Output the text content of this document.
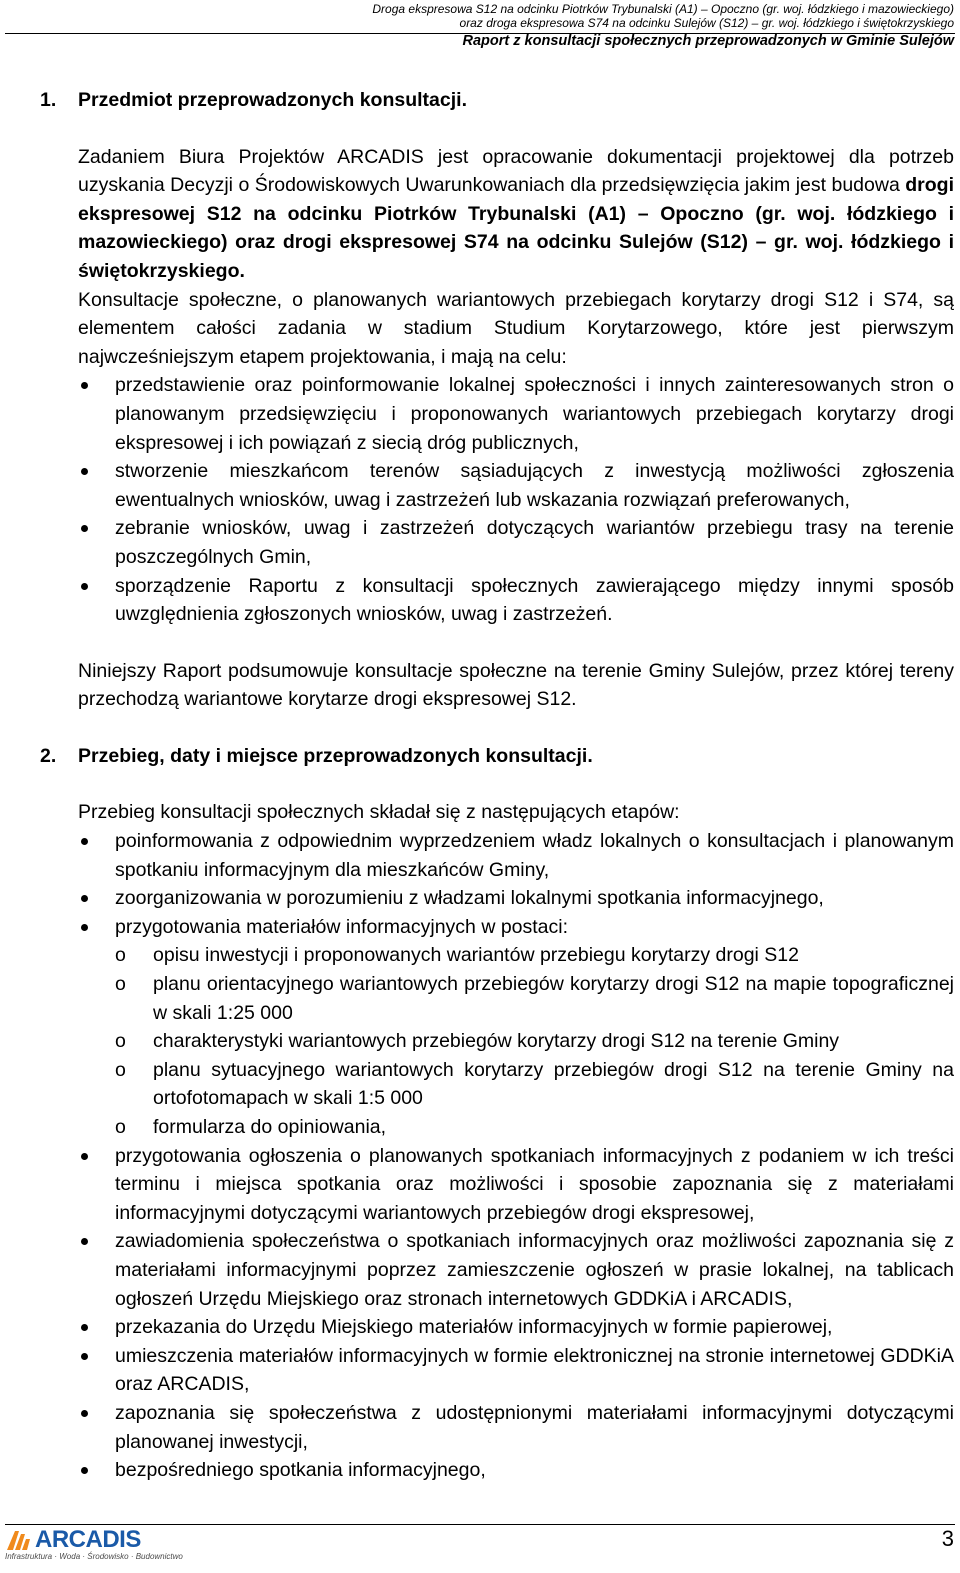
Droga ekspresowa S12 na odcinku Piotrków Trybunalski (A1) – Opoczno (gr. woj. łódzkiego i mazowieckiego)
oraz droga ekspresowa S74 na odcinku Sulejów (S12) – gr. woj. łódzkiego i świętokrzyskiego
Raport z konsultacji społecznych przeprowadzonych w Gminie Sulejów
1.	Przedmiot przeprowadzonych konsultacji.

Zadaniem Biura Projektów ARCADIS jest opracowanie dokumentacji projektowej dla potrzeb uzyskania Decyzji o Środowiskowych Uwarunkowaniach dla przedsięwzięcia jakim jest budowa drogi ekspresowej S12 na odcinku Piotrków Trybunalski (A1) – Opoczno (gr. woj. łódzkiego i mazowieckiego) oraz drogi ekspresowej S74 na odcinku Sulejów (S12) – gr. woj. łódzkiego i świętokrzyskiego.

Konsultacje społeczne, o planowanych wariantowych przebiegach korytarzy drogi S12 i S74, są elementem całości zadania w stadium Studium Korytarzowego, które jest pierwszym najwcześniejszym etapem projektowania, i mają na celu:

przedstawienie oraz poinformowanie lokalnej społeczności i innych zainteresowanych stron o planowanym przedsięwzięciu i proponowanych wariantowych przebiegach korytarzy drogi ekspresowej i ich powiązań z siecią dróg publicznych,
stworzenie mieszkańcom terenów sąsiadujących z inwestycją możliwości zgłoszenia ewentualnych wniosków, uwag i zastrzeżeń lub wskazania rozwiązań preferowanych,
zebranie wniosków, uwag i zastrzeżeń dotyczących wariantów przebiegu trasy na terenie poszczególnych Gmin,
sporządzenie Raportu z konsultacji społecznych zawierającego między innymi sposób uwzględnienia zgłoszonych wniosków, uwag i zastrzeżeń.

Niniejszy Raport podsumowuje konsultacje społeczne na terenie Gminy Sulejów, przez której tereny przechodzą wariantowe korytarze drogi ekspresowej S12.

2.	Przebieg, daty i miejsce przeprowadzonych konsultacji.

Przebieg konsultacji społecznych składał się z następujących etapów:

poinformowania z odpowiednim wyprzedzeniem władz lokalnych o konsultacjach i planowanym spotkaniu informacyjnym dla mieszkańców Gminy,
zoorganizowania w porozumieniu z władzami lokalnymi spotkania informacyjnego,
przygotowania materiałów informacyjnych w postaci:
o opisu inwestycji i proponowanych wariantów przebiegu korytarzy drogi S12
o planu orientacyjnego wariantowych przebiegów korytarzy drogi S12 na mapie topograficznej w skali 1:25 000
o charakterystyki wariantowych przebiegów korytarzy drogi S12 na terenie Gminy
o planu sytuacyjnego wariantowych korytarzy przebiegów drogi S12 na terenie Gminy na ortofotomapach w skali 1:5 000
o formularza do opiniowania,
przygotowania ogłoszenia o planowanych spotkaniach informacyjnych z podaniem w ich treści terminu i miejsca spotkania oraz możliwości i sposobie zapoznania się z materiałami informacyjnymi dotyczącymi wariantowych przebiegów drogi ekspresowej,
zawiadomienia społeczeństwa o spotkaniach informacyjnych oraz możliwości zapoznania się z materiałami informacyjnymi poprzez zamieszczenie ogłoszeń w prasie lokalnej, na tablicach ogłoszeń Urzędu Miejskiego oraz stronach internetowych GDDKiA i ARCADIS,
przekazania do Urzędu Miejskiego materiałów informacyjnych w formie papierowej,
umieszczenia materiałów informacyjnych w formie elektronicznej na stronie internetowej GDDKiA oraz ARCADIS,
zapoznania się społeczeństwa z udostępnionymi materiałami informacyjnymi dotyczącymi planowanej inwestycji,
bezpośredniego spotkania informacyjnego,
ARCADIS
Infrastruktura · Woda · Środowisko · Budownictwo
3
